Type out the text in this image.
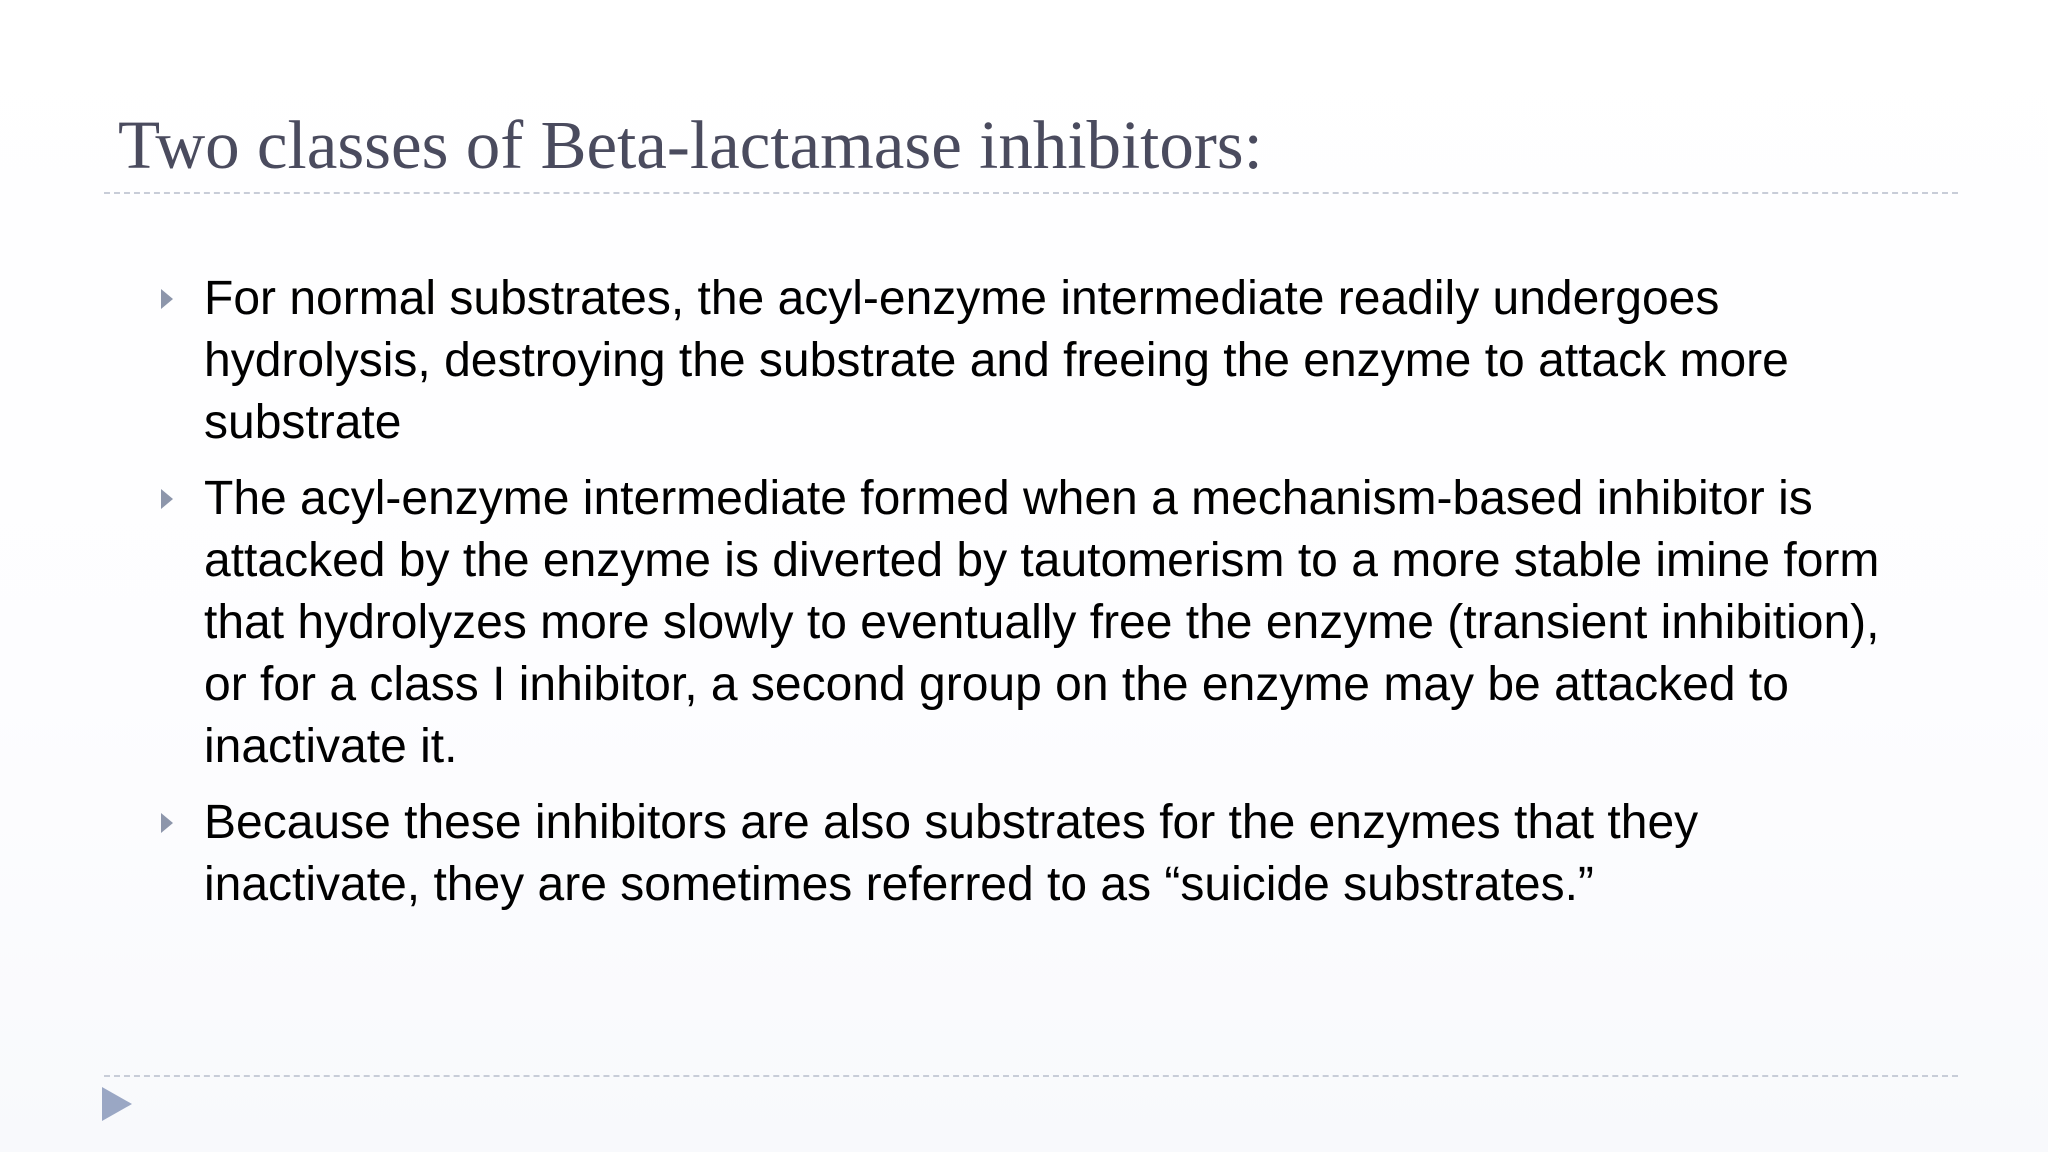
Two classes of Beta-lactamase inhibitors:
For normal substrates, the acyl-enzyme intermediate readily undergoes hydrolysis, destroying the substrate and freeing the enzyme to attack more substrate
The acyl-enzyme intermediate formed when a mechanism-based inhibitor is attacked by the enzyme is diverted by tautomerism to a more stable imine form that hydrolyzes more slowly to eventually free the enzyme (transient inhibition), or for a class I inhibitor, a second group on the enzyme may be attacked to inactivate it.
Because these inhibitors are also substrates for the enzymes that they inactivate, they are sometimes referred to as “suicide substrates.”
